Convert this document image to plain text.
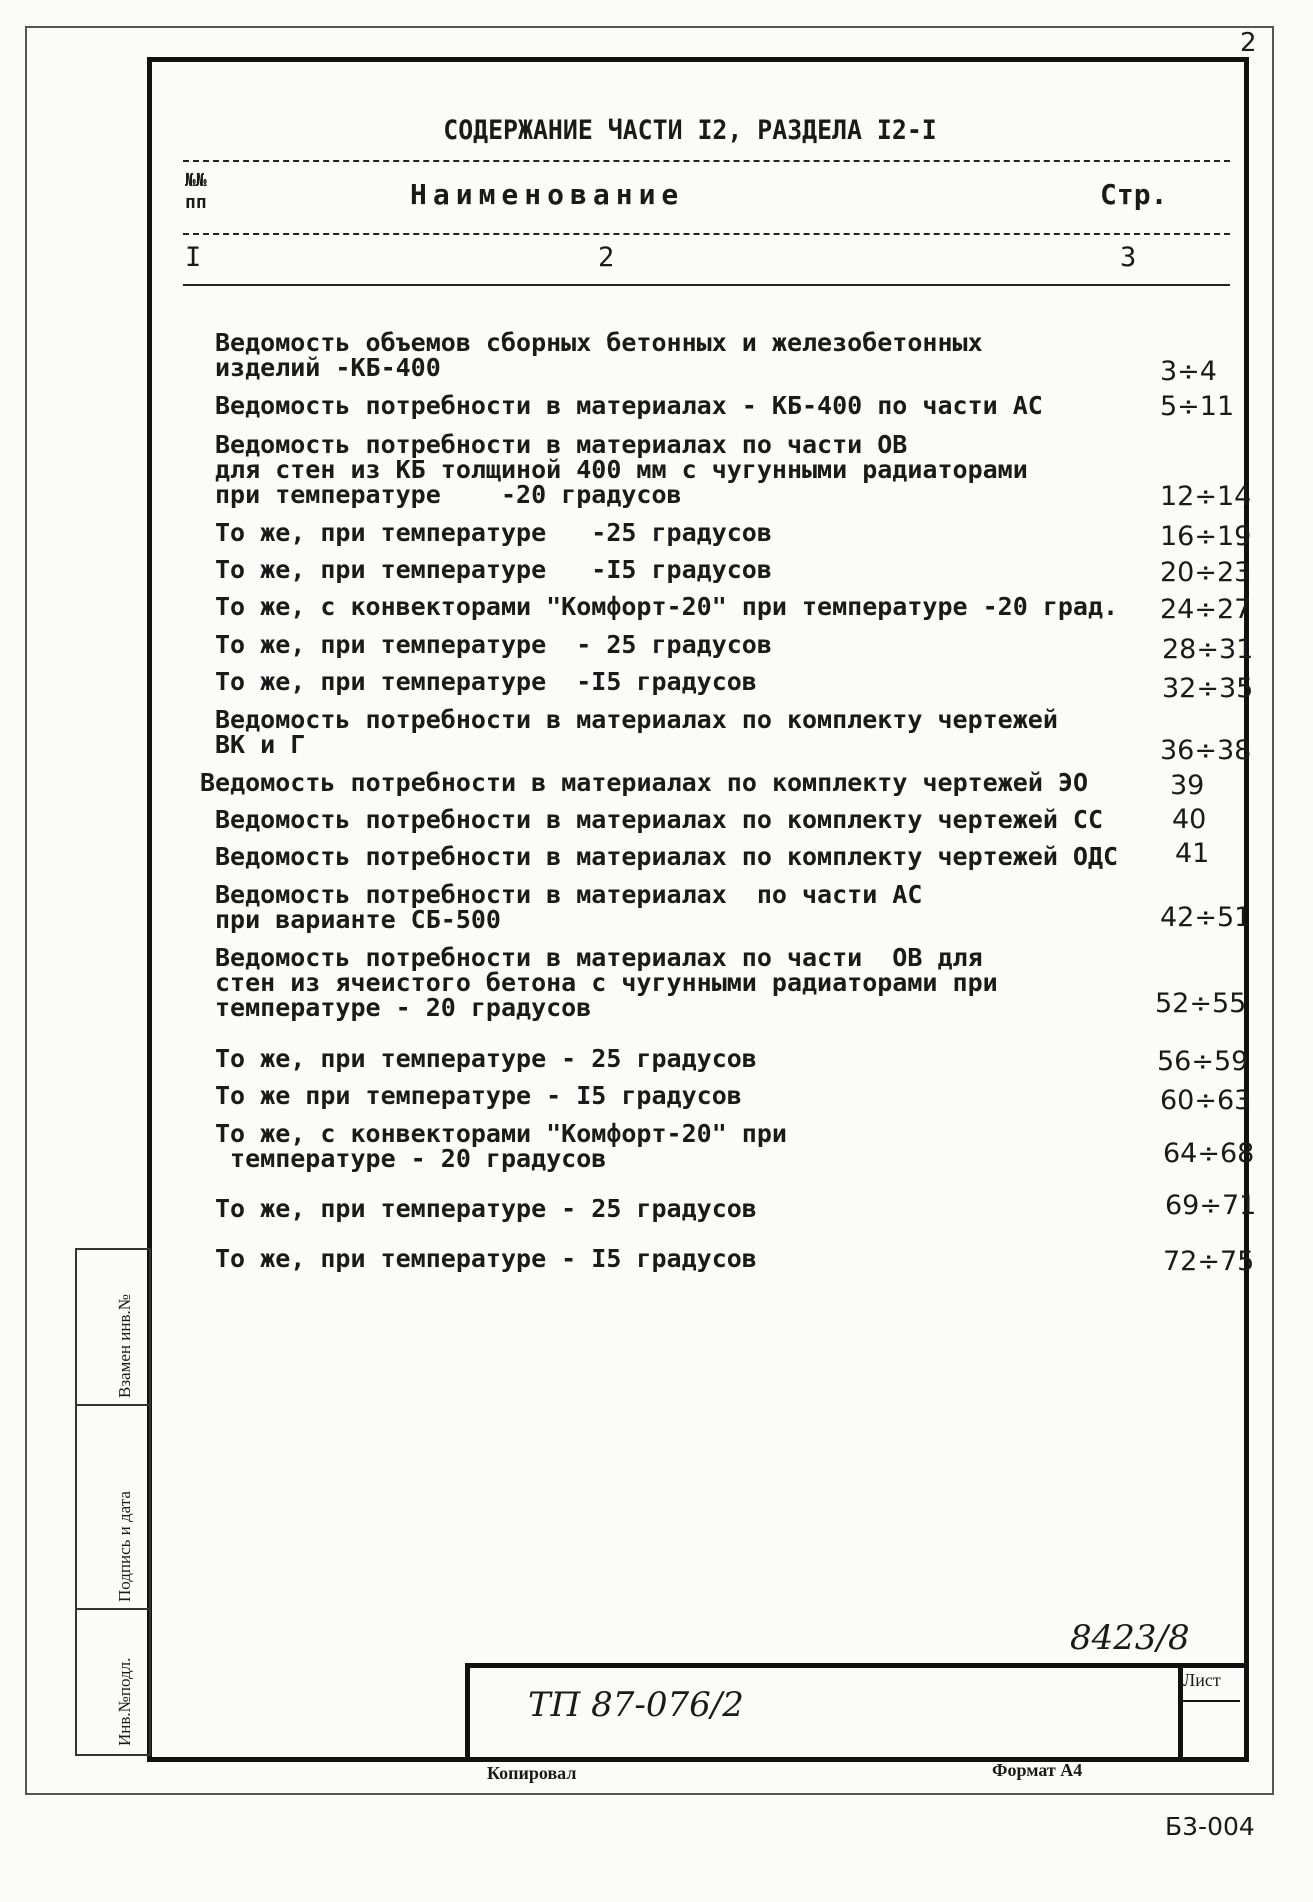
2
СОДЕРЖАНИЕ ЧАСТИ I2, РАЗДЕЛА I2-I
№№ пп	Наименование	Стр.
I	2	3
Ведомость объемов сборных бетонных и железобетонных
изделий -КБ-400	3÷4
Ведомость потребности в материалах - КБ-400 по части АС	5÷11
Ведомость потребности в материалах по части ОВ
для стен из КБ толщиной 400 мм с чугунными радиаторами
при температуре    -20 градусов	12÷14
То же, при температуре   -25 градусов	16÷19
То же, при температуре   -I5 градусов	20÷23
То же, с конвекторами "Комфорт-20" при температуре -20 град.	24÷27
То же, при температуре  - 25 градусов	28÷31
То же, при температуре  -I5 градусов	32÷35
Ведомость потребности в материалах по комплекту чертежей
ВК и Г	36÷38
Ведомость потребности в материалах по комплекту чертежей ЭО	39
Ведомость потребности в материалах по комплекту чертежей СС	40
Ведомость потребности в материалах по комплекту чертежей ОДС	41
Ведомость потребности в материалах  по части АС
при варианте СБ-500	42÷51
Ведомость потребности в материалах по части  ОВ для
стен из ячеистого бетона с чугунными радиаторами при
температуре - 20 градусов	52÷55
То же, при температуре - 25 градусов	56÷59
То же при температуре - I5 градусов	60÷63
То же, с конвекторами "Комфорт-20" при
температуре - 20 градусов	64÷68
То же, при температуре - 25 градусов	69÷71
То же, при температуре - I5 градусов	72÷75
Взамен инв.№
Подпись и дата
Инв.№подл.
8423/8
Лист
ТП 87-076/2
Копировал	Формат А4
Б3-004
